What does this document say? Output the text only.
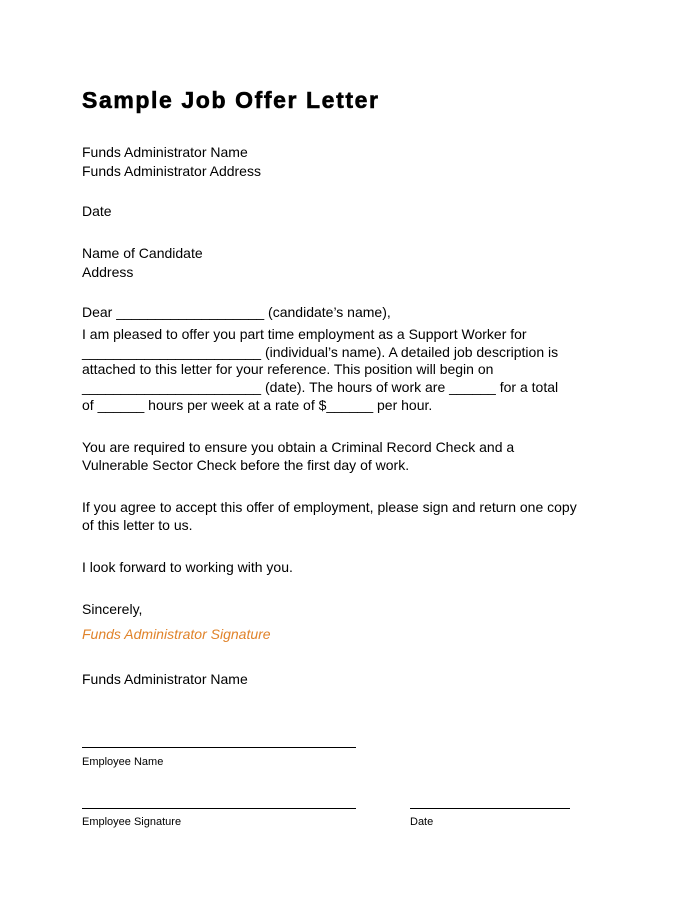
Sample Job Offer Letter

Funds Administrator Name

Funds Administrator Address

Date

Name of Candidate

Address

Dear ___________________ (candidate’s name),

I am pleased to offer you part time employment as a Support Worker for

_______________________ (individual’s name). A detailed job description is

attached to this letter for your reference. This position will begin on

_______________________ (date). The hours of work are ______ for a total

of ______ hours per week at a rate of $______ per hour.

You are required to ensure you obtain a Criminal Record Check and a

Vulnerable Sector Check before the first day of work.

If you agree to accept this offer of employment, please sign and return one copy

of this letter to us.

I look forward to working with you.

Sincerely,

Funds Administrator Signature

Funds Administrator Name

Employee Name

Employee Signature	Date
